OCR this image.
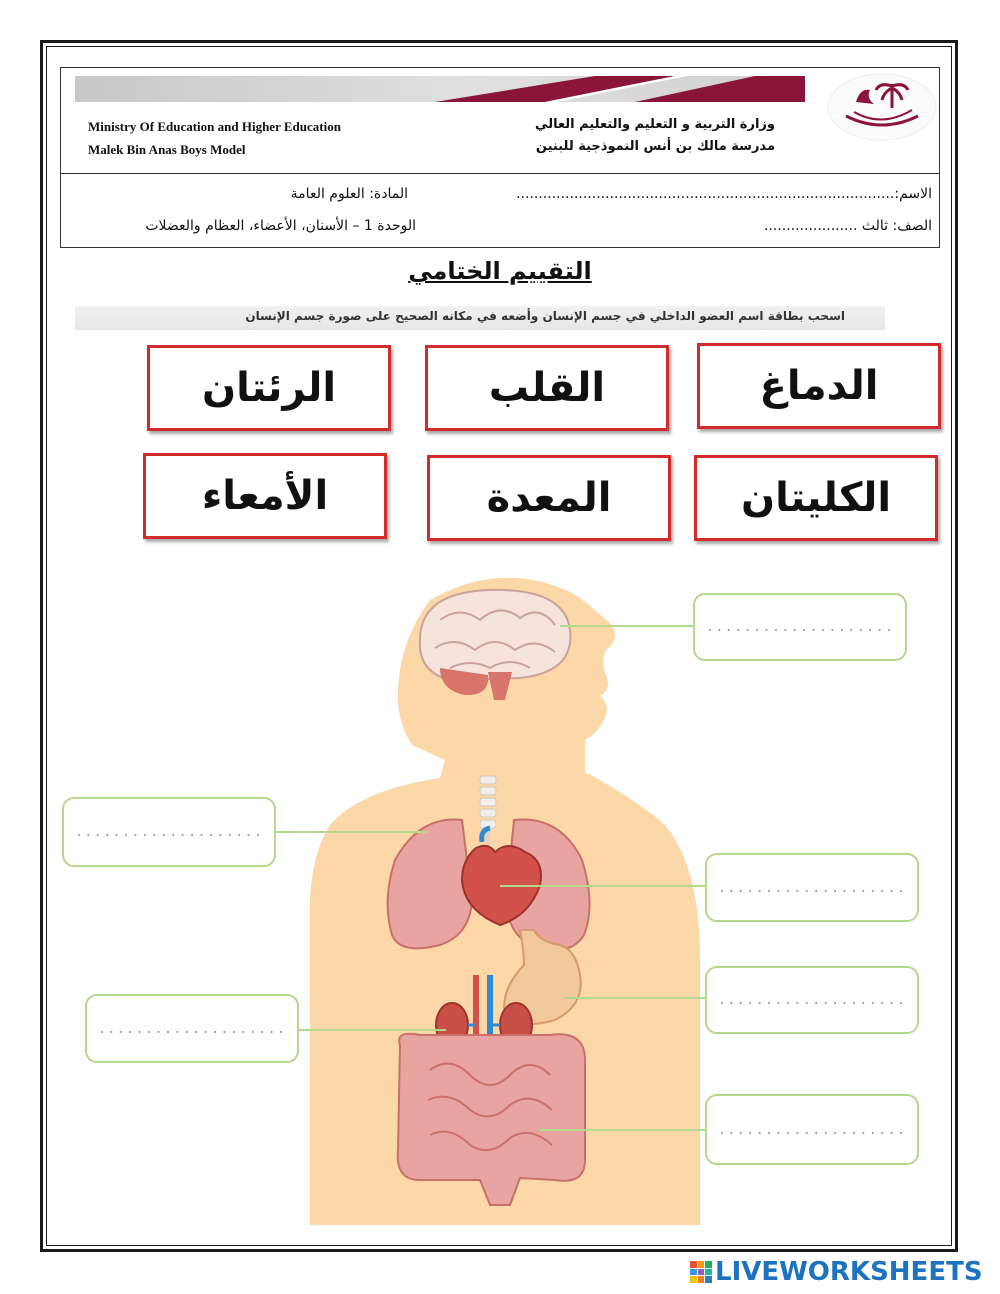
Ministry Of Education and Higher Education
Malek Bin Anas Boys Model
وزارة التربية و التعليم والتعليم العالي
مدرسة مالك بن أنس النموذجية للبنين
الاسم:.....................................................................................
المادة: العلوم العامة
الصف: ثالث .....................
الوحدة 1 – الأسنان، الأعضاء، العظام والعضلات
التقييم الختامي
اسحب بطاقة اسم العضو الداخلي في جسم الإنسان وأضعه في مكانه الصحيح على صورة جسم الإنسان
الدماغ
القلب
الرئتان
الكليتان
المعدة
الأمعاء
....................
....................
....................
....................
....................
....................
LIVEWORKSHEETS
